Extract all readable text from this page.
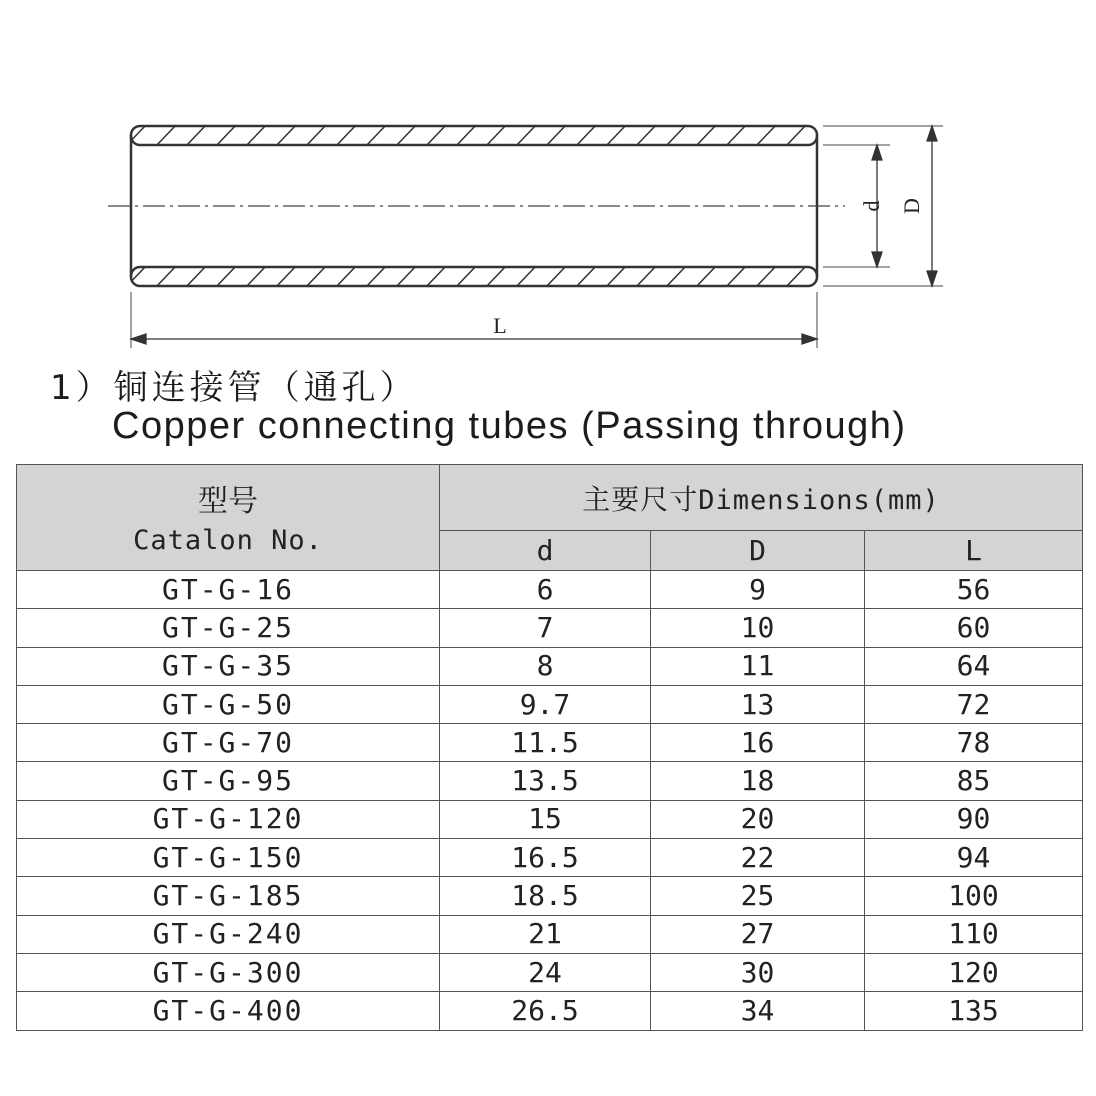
d D
L
1）铜连接管（通孔）
Copper connecting tubes (Passing through)
型号
Catalon No.	主要尺寸Dimensions(mm)		
	d	D	L
GT-G-16	6	9	56
GT-G-25	7	10	60
GT-G-35	8	11	64
GT-G-50	9.7	13	72
GT-G-70	11.5	16	78
GT-G-95	13.5	18	85
GT-G-120	15	20	90
GT-G-150	16.5	22	94
GT-G-185	18.5	25	100
GT-G-240	21	27	110
GT-G-300	24	30	120
GT-G-400	26.5	34	135
